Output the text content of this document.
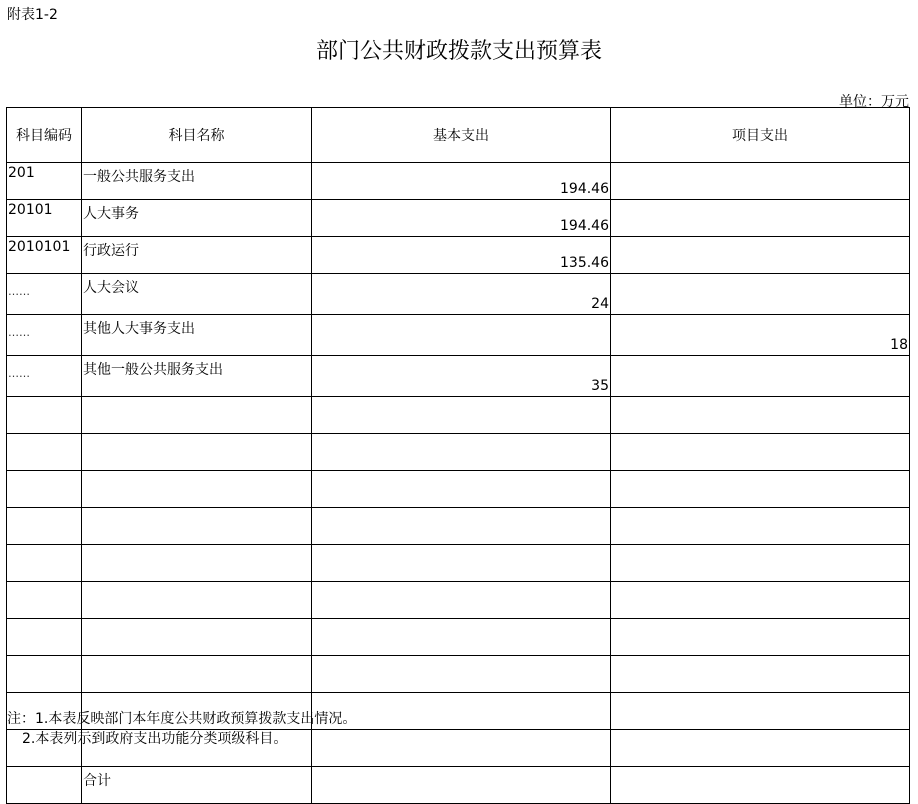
附表1-2
部门公共财政拨款支出预算表
单位：万元
科目编码	科目名称	基本支出	项目支出
201	一般公共服务支出	194.46	
20101	人大事务	194.46	
2010101	行政运行	135.46	
……	人大会议	24	
……	其他人大事务支出		18
……	其他一般公共服务支出	35	

	合计		
注：1.本表反映部门本年度公共财政预算拨款支出情况。
2.本表列示到政府支出功能分类项级科目。
